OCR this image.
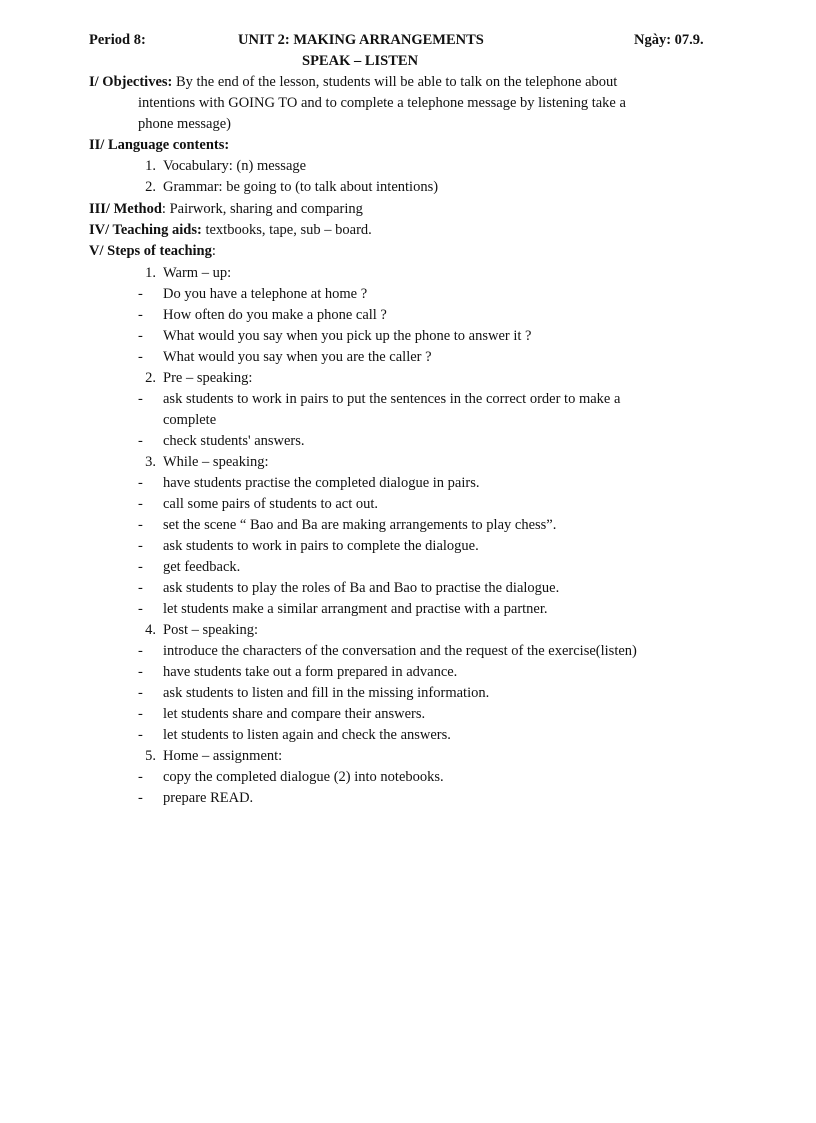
Period 8:	UNIT 2: MAKING ARRANGEMENTS	Ngày: 07.9.
SPEAK – LISTEN
I/ Objectives: By the end of the lesson, students will be able to talk on the telephone about
intentions with GOING TO and to complete a telephone message by listening take a
phone message)
II/ Language contents:
1. Vocabulary: (n) message
2. Grammar: be going to (to talk about intentions)
III/ Method: Pairwork, sharing and comparing
IV/ Teaching aids: textbooks, tape, sub – board.
V/ Steps of teaching:
1. Warm – up:
- Do you have a telephone at home ?
- How often do you make a phone call ?
- What would you say when you pick up the phone to answer it ?
- What would you say when you are the caller ?
2. Pre – speaking:
- ask students to work in pairs to put the sentences in the correct order to make a
complete
- check students' answers.
3. While – speaking:
- have students practise the completed dialogue in pairs.
- call some pairs of students to act out.
- set the scene “ Bao and Ba are making arrangements to play chess”.
- ask students to work in pairs to complete the dialogue.
- get feedback.
- ask students to play the roles of Ba and Bao to practise the dialogue.
- let students make a similar arrangment and practise with a partner.
4. Post – speaking:
- introduce the characters of the conversation and the request of the exercise(listen)
- have students take out a form prepared in advance.
- ask students to listen and fill in the missing information.
- let students share and compare their answers.
- let students to listen again and check the answers.
5. Home – assignment:
- copy the completed dialogue (2) into notebooks.
- prepare READ.
